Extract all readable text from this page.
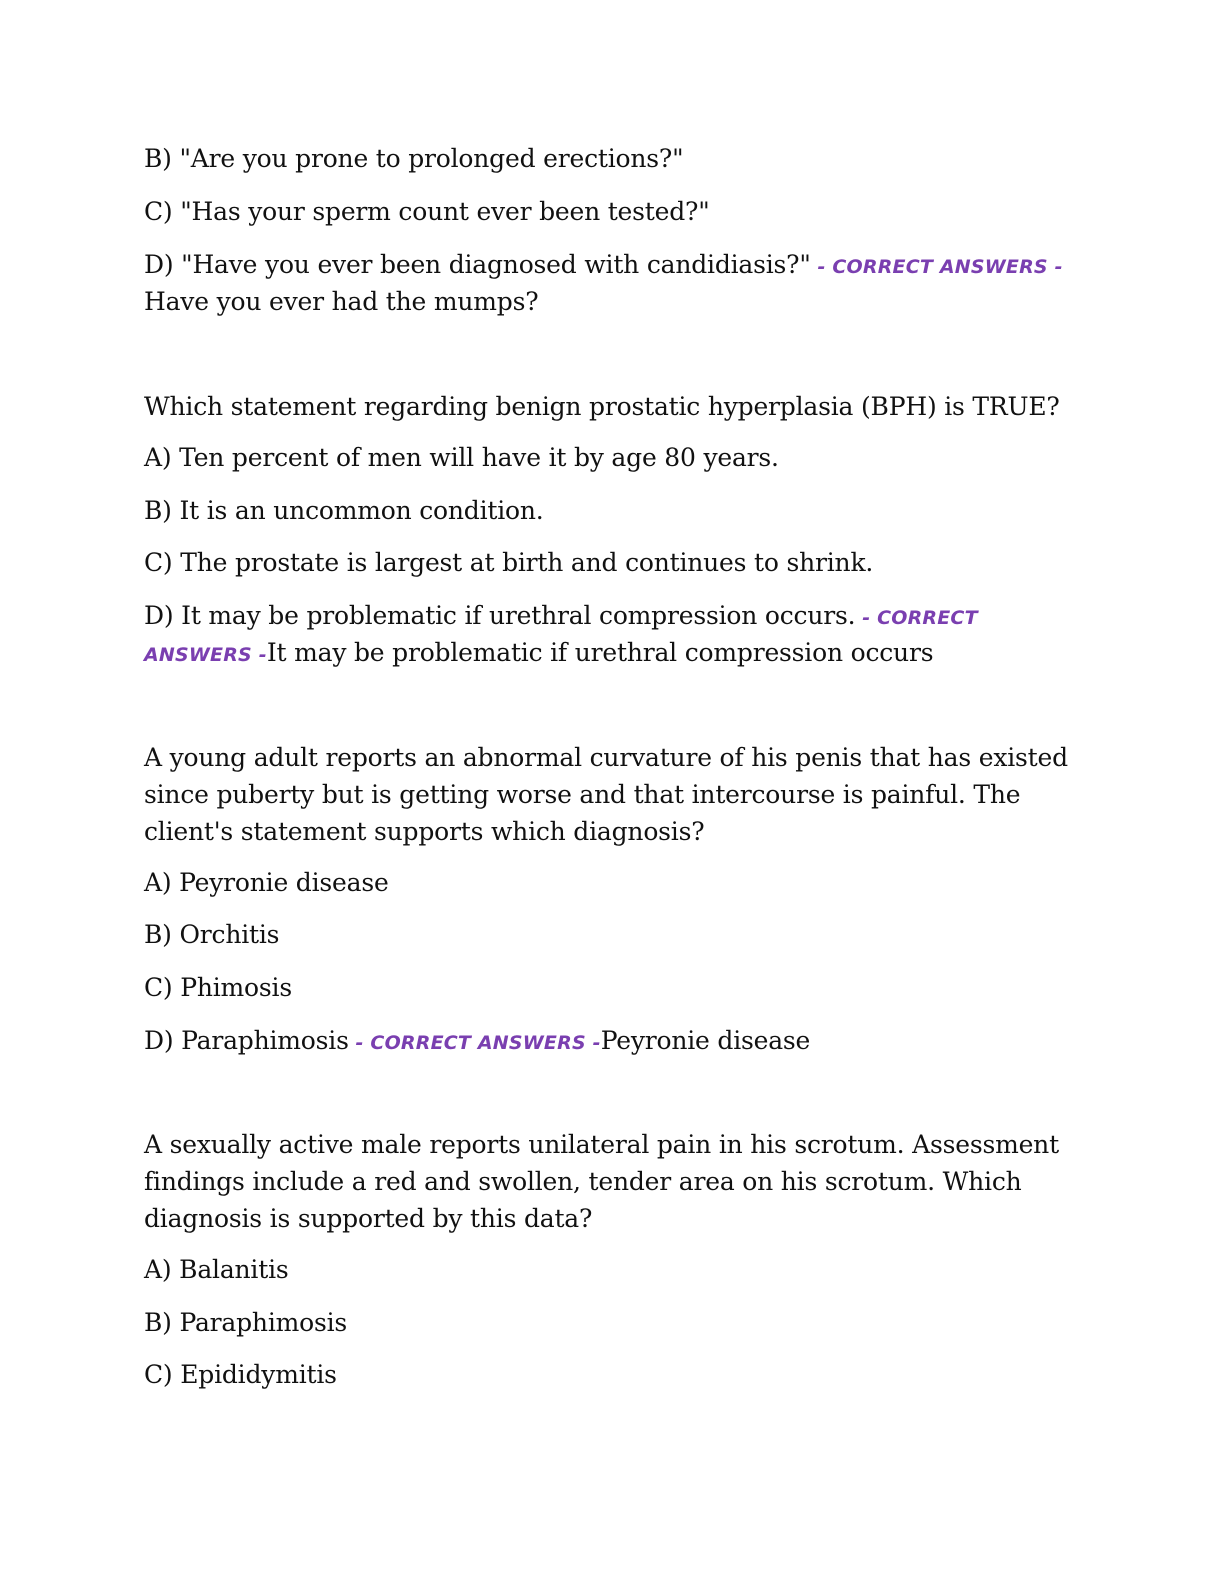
B) "Are you prone to prolonged erections?"
C) "Has your sperm count ever been tested?"
D) "Have you ever been diagnosed with candidiasis?" - CORRECT ANSWERS -
Have you ever had the mumps?
Which statement regarding benign prostatic hyperplasia (BPH) is TRUE?
A) Ten percent of men will have it by age 80 years.
B) It is an uncommon condition.
C) The prostate is largest at birth and continues to shrink.
D) It may be problematic if urethral compression occurs. - CORRECT
ANSWERS -It may be problematic if urethral compression occurs
A young adult reports an abnormal curvature of his penis that has existed
since puberty but is getting worse and that intercourse is painful. The
client's statement supports which diagnosis?
A) Peyronie disease
B) Orchitis
C) Phimosis
D) Paraphimosis - CORRECT ANSWERS -Peyronie disease
A sexually active male reports unilateral pain in his scrotum. Assessment
findings include a red and swollen, tender area on his scrotum. Which
diagnosis is supported by this data?
A) Balanitis
B) Paraphimosis
C) Epididymitis
